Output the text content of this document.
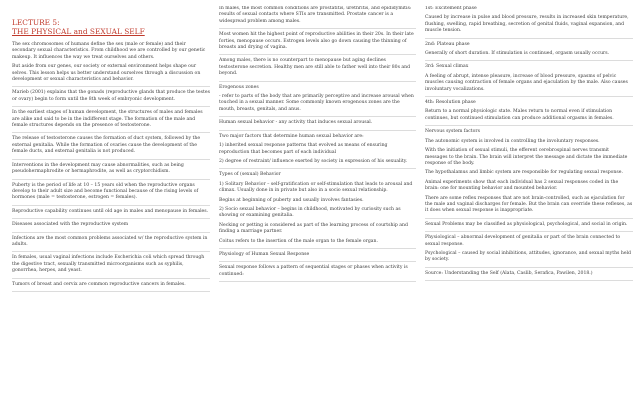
LECTURE 5:
THE PHYSICAL and SEXUAL SELF

The sex chromosomes of humans define the sex (male or female) and their secondary sexual characteristics. From childhood we are controlled by our genetic makeup. It influences the way we treat ourselves and others.

But aside from our genes, our society or external environment helps shape our selves. This lesson helps us better understand ourselves through a discussion on development or sexual characteristics and behavior.

Marieb (2001) explains that the gonads (reproductive glands that produce the testes or ovary) begin to form until the 8th week of embryonic development.

In the earliest stages of human development, the structures of males and females are alike and said to be in the indifferent stage. The formation of the male and female structures depends on the presence of testosterone.

The release of testosterone causes the formation of duct system, followed by the external genitalia. While the formation of ovaries cause the development of the female ducts, and external genitalia is not produced.

Interventions in the development may cause abnormalities, such as being pseudohermaphrodite or hermaphrodite, as well as cryptorchidism.

Puberty is the period of life at 10 – 15 years old when the reproductive organs develop to their adult size and become functional because of the rising levels of hormones (male = testosterone, estrogen = females).

Reproductive capability continues until old age in males and menopause in females.

Diseases associated with the reproductive system

Infections are the most common problems associated w/ the reproductive system in adults.

In females, usual vaginal infections include Escherichia coli which spread through the digestive tract, sexually transmitted microorganisms such as syphilis, gonorrhea, herpes, and yeast.

Tumors of breast and cervix are common reproductive cancers in females.

In males, the most common conditions are prostatitis, urethritis, and epididymitis: results of sexual contacts where STIs are transmitted. Prostate cancer is a widespread problem among males.

Most women hit the highest point of reproductive abilities in their 20s. In their late forties, menopause occurs. Estrogen levels also go down causing the thinning of breasts and drying of vagina.

Among males, there is no counterpart to menopause but aging declines testosterone secretion. Healthy men are still able to father well into their 80s and beyond.

Erogenous zones

- refer to parts of the body that are primarily perceptive and increase arousal when touched in a sexual manner. Some commonly known erogenous zones are the mouth, breasts, genitals, and anus.

Human sexual behavior - any activity that induces sexual arousal.

Two major factors that determine human sexual behavior are:

1) inherited sexual response patterns that evolved as means of ensuring reproduction that becomes part of each individual

2) degree of restraint/ influence exerted by society in expression of his sexuality.

Types of (sexual) Behavior

1) Solitary Behavior – self-gratification or self-stimulation that leads to arousal and climax. Usually done in in private but also in a socio sexual relationship.

Begins at beginning of puberty and usually involves fantasies.

2) Socio sexual behavior – begins in childhood, motivated by curiosity such as showing or examining genitalia.

Necking or petting is considered as part of the learning process of courtship and finding a marriage partner.

Coitus refers to the insertion of the male organ to the female organ.

Physiology of Human Sexual Response

Sexual response follows a pattern of sequential stages or phases when activity is continued:

1st: Excitement phase

Caused by increase in pulse and blood pressure, results in increased skin temperature, flushing, swelling, rapid breathing, secretion of genital fluids, vaginal expansion, and muscle tension.

2nd: Plateau phase

Generally of short duration. If stimulation is continued, orgasm usually occurs.

3rd: Sexual climax

A feeling of abrupt, intense pleasure, increase of blood pressure, spasms of pelvic muscles causing contraction of female organs and ejaculation by the male. Also causes involuntary vocalizations.

4th: Resolution phase

Return to a normal physiologic state. Males return to normal even if stimulation continues, but continued stimulation can produce additional orgasms in females.

Nervous system factors

The autonomic system is involved in controlling the involuntary responses.

With the initiation of sexual stimuli, the efferent cerebrospinal nerves transmit messages to the brain. The brain will interpret the message and dictate the immediate response of the body.

The hypothalamus and limbic system are responsible for regulating sexual response.

Animal experiments show that each individual has 2 sexual responses coded in the brain: one for mounting behavior and mounted behavior.

There are some reflex responses that are not brain-controlled, such as ejaculation for the male and vaginal discharges for female. But the brain can override these reflexes, as it does when sexual response is inappropriate.

Sexual Problems may be classified as physiological, psychological, and social in origin.

Physiological – abnormal development of genitalia or part of the brain connected to sexual response.

Psychological – caused by social inhibitions, attitudes, ignorance, and sexual myths held by society.

Source: Understanding the Self (Alata, Caslib, Serafica, Pawilen, 2018.)
